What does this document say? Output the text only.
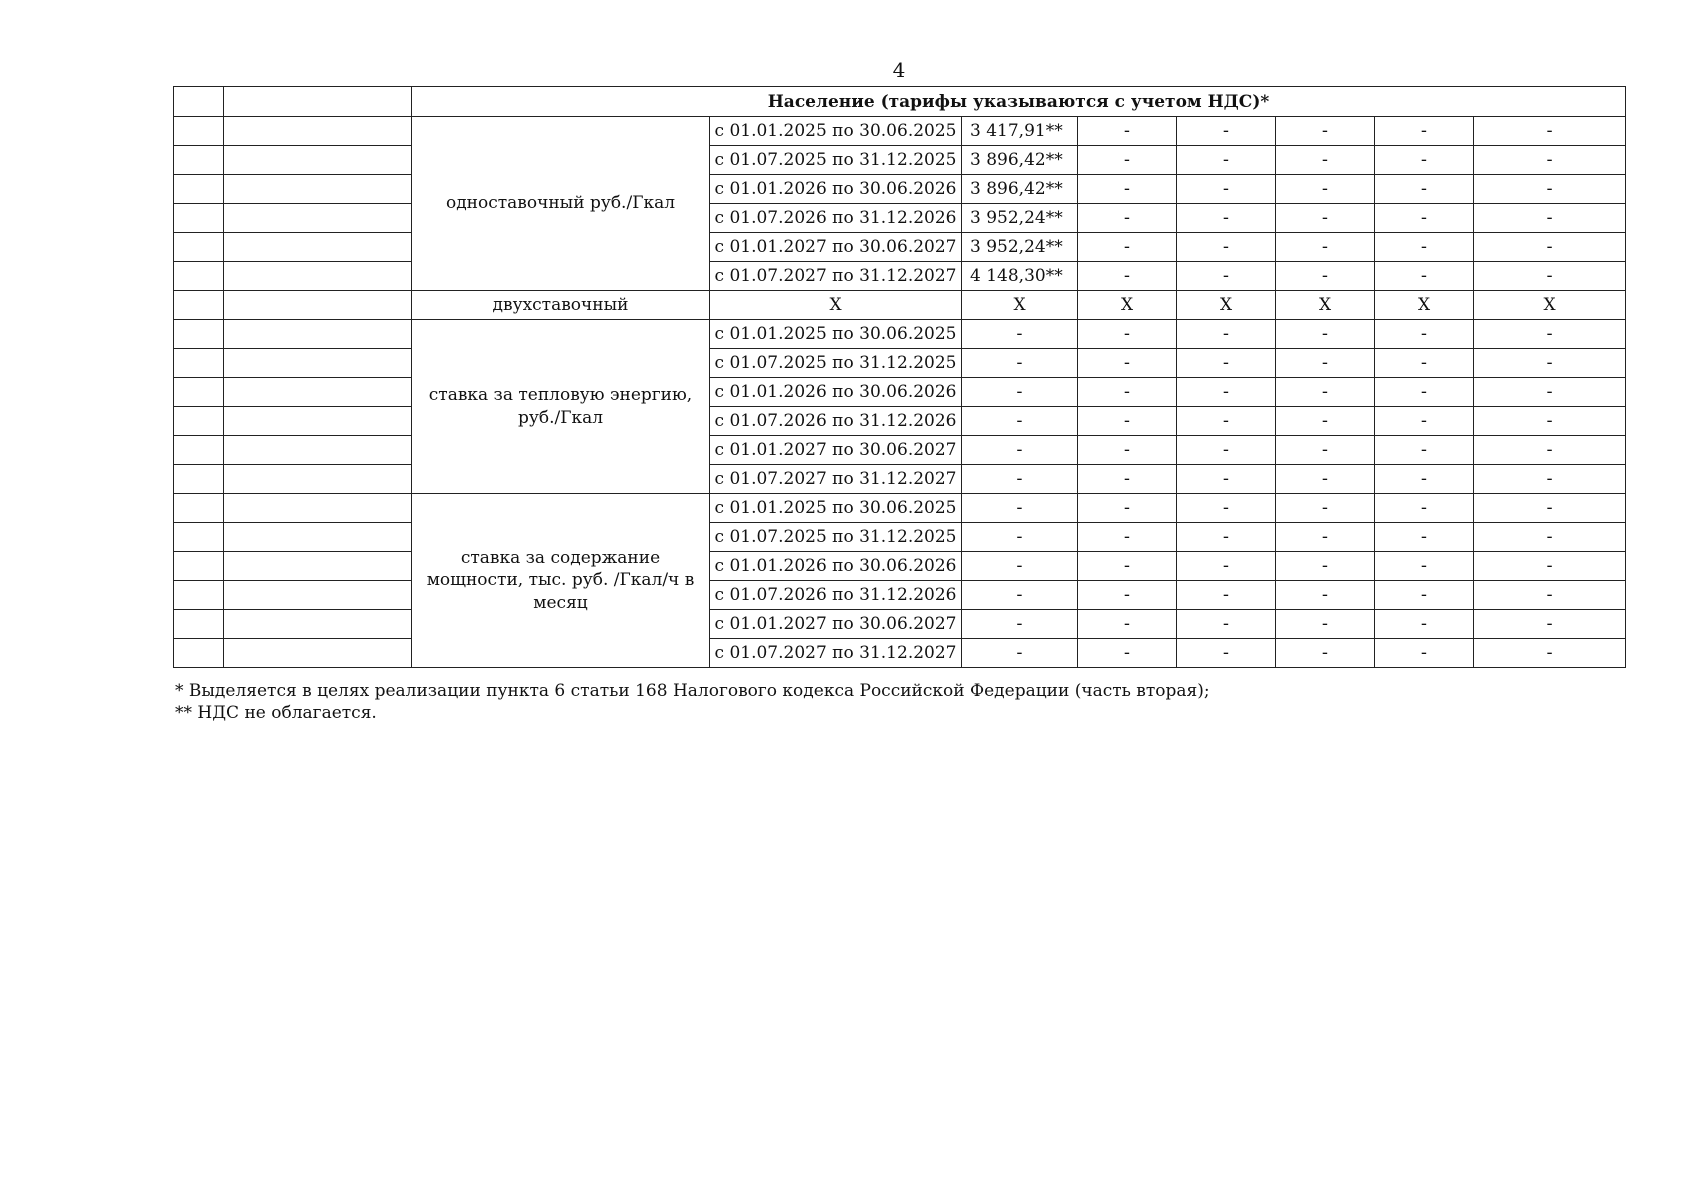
4
		Население (тарифы указываются с учетом НДС)*							
		одноставочный руб./Гкал	с 01.01.2025 по 30.06.2025	3 417,91**	-	-	-	-	-
			с 01.07.2025 по 31.12.2025	3 896,42**	-	-	-	-	-
			с 01.01.2026 по 30.06.2026	3 896,42**	-	-	-	-	-
			с 01.07.2026 по 31.12.2026	3 952,24**	-	-	-	-	-
			с 01.01.2027 по 30.06.2027	3 952,24**	-	-	-	-	-
			с 01.07.2027 по 31.12.2027	4 148,30**	-	-	-	-	-
		двухставочный	X	X	X	X	X	X	X
		ставка за тепловую энергию, руб./Гкал	с 01.01.2025 по 30.06.2025	-	-	-	-	-	-
			с 01.07.2025 по 31.12.2025	-	-	-	-	-	-
			с 01.01.2026 по 30.06.2026	-	-	-	-	-	-
			с 01.07.2026 по 31.12.2026	-	-	-	-	-	-
			с 01.01.2027 по 30.06.2027	-	-	-	-	-	-
			с 01.07.2027 по 31.12.2027	-	-	-	-	-	-
		ставка за содержание мощности, тыс. руб. /Гкал/ч в месяц	с 01.01.2025 по 30.06.2025	-	-	-	-	-	-
			с 01.07.2025 по 31.12.2025	-	-	-	-	-	-
			с 01.01.2026 по 30.06.2026	-	-	-	-	-	-
			с 01.07.2026 по 31.12.2026	-	-	-	-	-	-
			с 01.01.2027 по 30.06.2027	-	-	-	-	-	-
			с 01.07.2027 по 31.12.2027	-	-	-	-	-	-
* Выделяется в целях реализации пункта 6 статьи 168 Налогового кодекса Российской Федерации (часть вторая);
** НДС не облагается.
